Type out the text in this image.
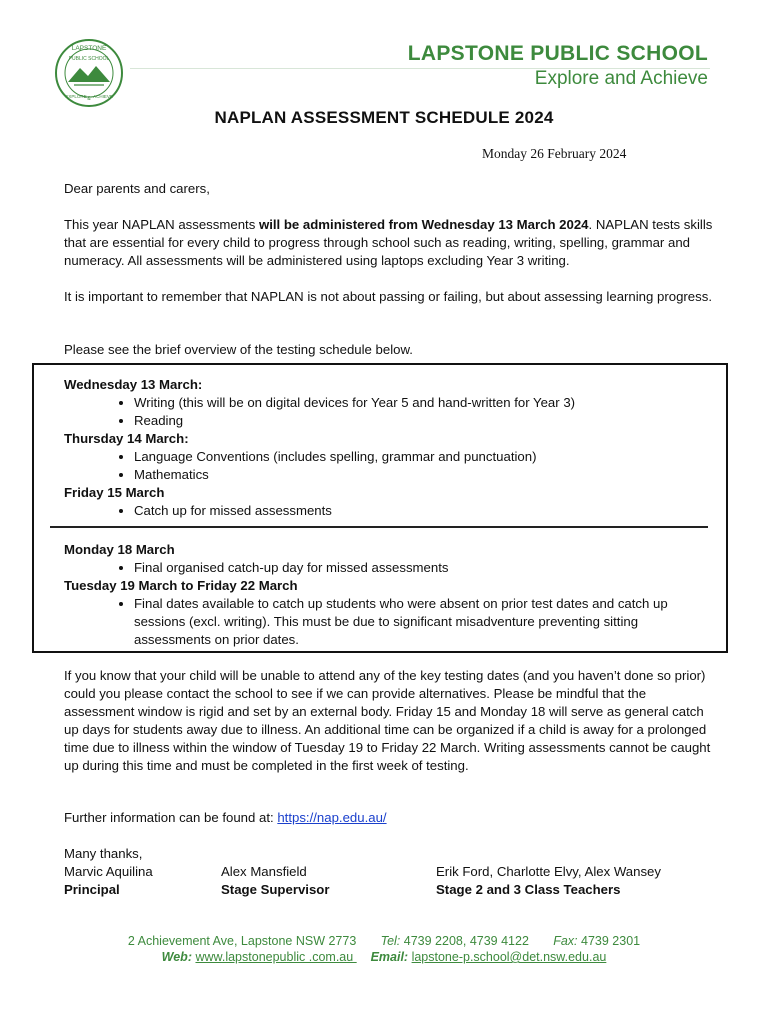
LAPSTONE
PUBLIC SCHOOL
EXPLORE & ACHIEVE
LAPSTONE PUBLIC SCHOOL
Explore and Achieve
NAPLAN ASSESSMENT SCHEDULE 2024
Monday 26 February 2024
Dear parents and carers,
This year NAPLAN assessments will be administered from Wednesday 13 March 2024. NAPLAN tests skills that are essential for every child to progress through school such as reading, writing, spelling, grammar and numeracy. All assessments will be administered using laptops excluding Year 3 writing.
It is important to remember that NAPLAN is not about passing or failing, but about assessing learning progress.
Please see the brief overview of the testing schedule below.
Wednesday 13 March:
• Writing (this will be on digital devices for Year 5 and hand-written for Year 3)
• Reading
Thursday 14 March:
• Language Conventions (includes spelling, grammar and punctuation)
• Mathematics
Friday 15 March
• Catch up for missed assessments
Monday 18 March
• Final organised catch-up day for missed assessments
Tuesday 19 March to Friday 22 March
• Final dates available to catch up students who were absent on prior test dates and catch up sessions (excl. writing). This must be due to significant misadventure preventing sitting assessments on prior dates.
If you know that your child will be unable to attend any of the key testing dates (and you haven’t done so prior) could you please contact the school to see if we can provide alternatives. Please be mindful that the assessment window is rigid and set by an external body. Friday 15 and Monday 18 will serve as general catch up days for students away due to illness. An additional time can be organized if a child is away for a prolonged time due to illness within the window of Tuesday 19 to Friday 22 March. Writing assessments cannot be caught up during this time and must be completed in the first week of testing.
Further information can be found at: https://nap.edu.au/
Many thanks,
Marvic Aquilina
Principal
Alex Mansfield
Stage Supervisor
Erik Ford, Charlotte Elvy, Alex Wansey
Stage 2 and 3 Class Teachers
2 Achievement Ave, Lapstone NSW 2773 Tel: 4739 2208, 4739 4122 Fax: 4739 2301
Web: www.lapstonepublic .com.au     Email: lapstone-p.school@det.nsw.edu.au
